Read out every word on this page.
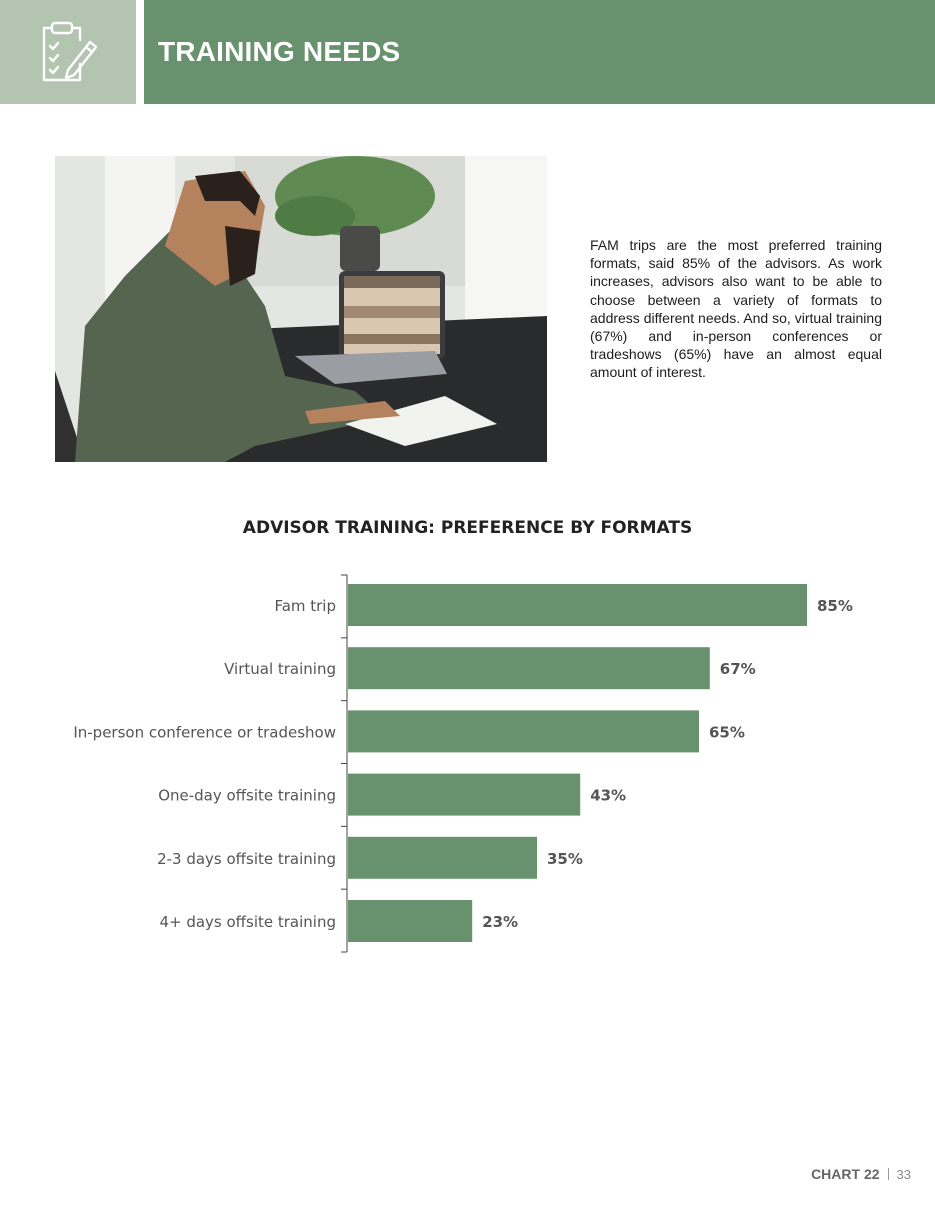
TRAINING NEEDS
FAM trips are the most preferred training formats, said 85% of the advisors. As work increases, advisors also want to be able to choose between a variety of formats to address different needs. And so, virtual training (67%) and in-person conferences or tradeshows (65%) have an almost equal amount of interest.
ADVISOR TRAINING: PREFERENCE BY FORMATS
Fam trip	85%
Virtual training	67%
In-person conference or tradeshow	65%
One-day offsite training	43%
2-3 days offsite training	35%
4+ days offsite training	23%
CHART 22 33
